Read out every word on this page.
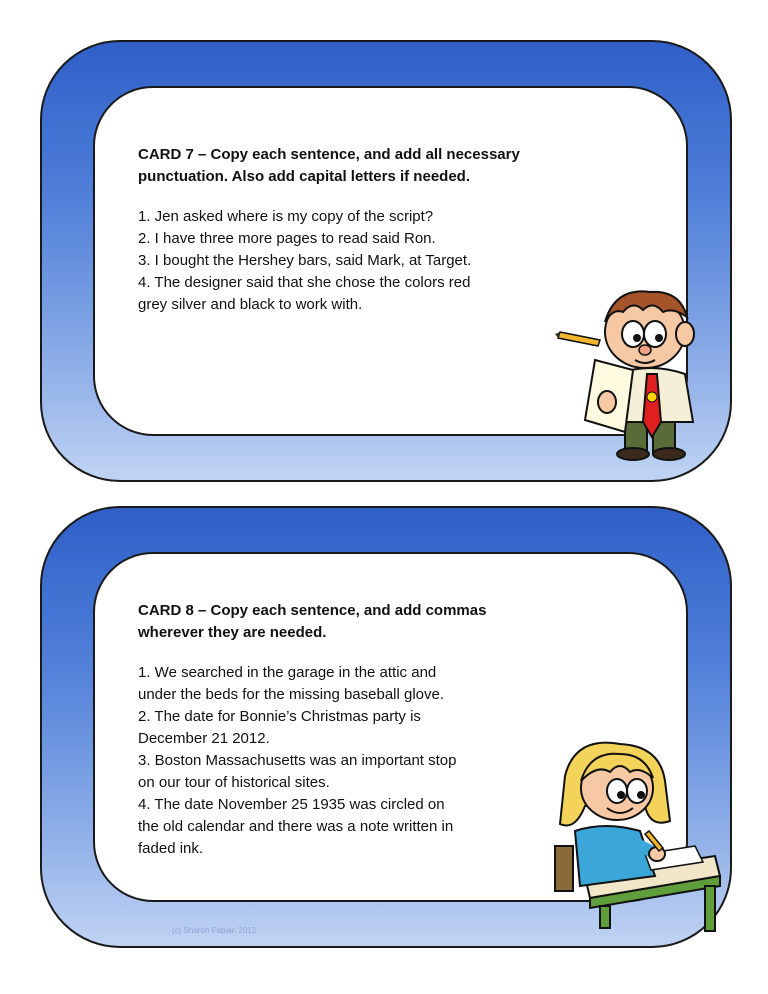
CARD 7 – Copy each sentence, and add all necessary
punctuation. Also add capital letters if needed.

1. Jen asked where is my copy of the script?

2. I have three more pages to read said Ron.

3. I bought the Hershey bars, said Mark, at Target.

4. The designer said that she chose the colors red
grey silver and black to work with.

CARD 8 – Copy each sentence, and add commas
wherever they are needed.

1. We searched in the garage in the attic and
under the beds for the missing baseball glove.

2. The date for Bonnie’s Christmas party is
December 21 2012.

3. Boston Massachusetts was an important stop
on our tour of historical sites.

4. The date November 25 1935 was circled on
the old calendar and there was a note written in
faded ink.

(c) Sharon Fabian 2012
